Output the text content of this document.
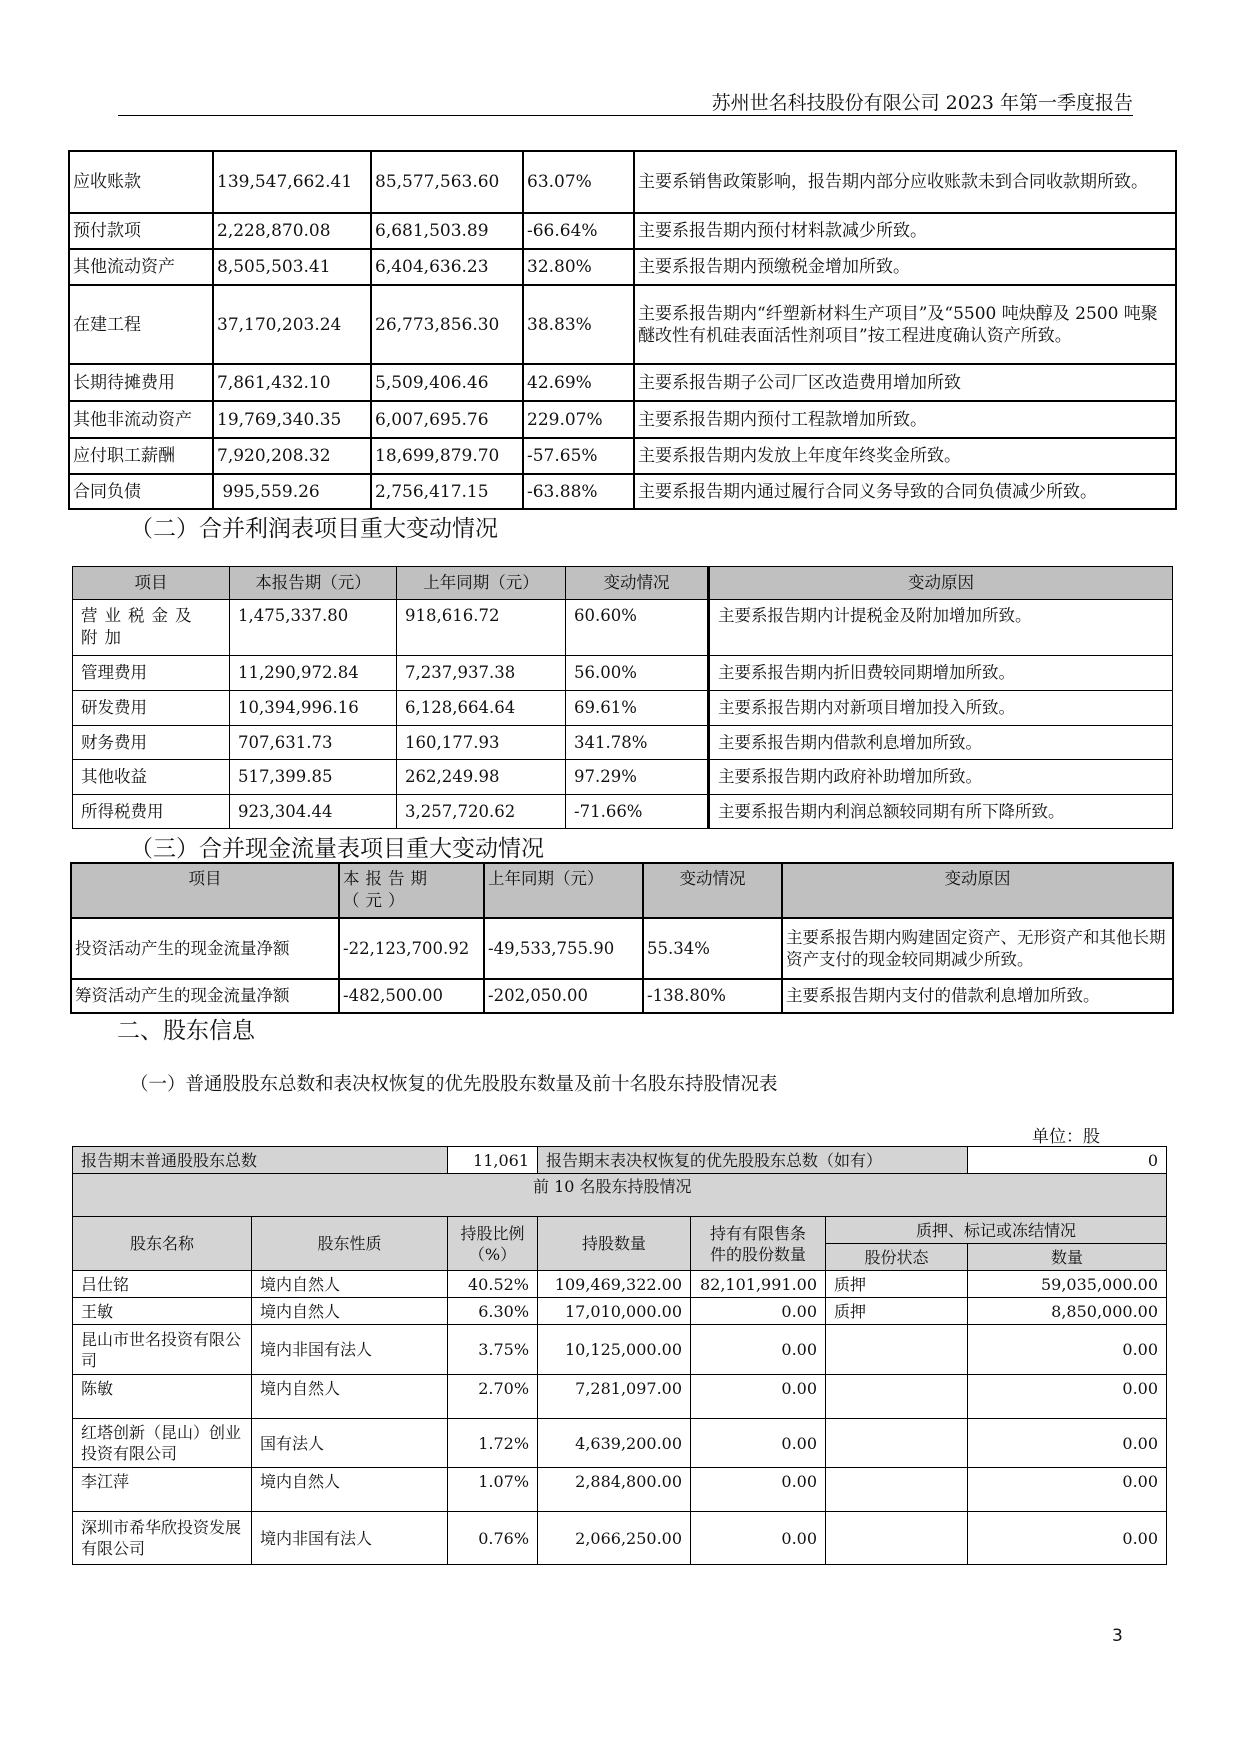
苏州世名科技股份有限公司 2023 年第一季度报告
应收账款	139,547,662.41	85,577,563.60	63.07%	主要系销售政策影响，报告期内部分应收账款未到合同收款期所致。
预付款项	2,228,870.08	6,681,503.89	-66.64%	主要系报告期内预付材料款减少所致。
其他流动资产	8,505,503.41	6,404,636.23	32.80%	主要系报告期内预缴税金增加所致。
在建工程	37,170,203.24	26,773,856.30	38.83%	主要系报告期内“纤塑新材料生产项目”及“5500 吨炔醇及 2500 吨聚醚改性有机硅表面活性剂项目”按工程进度确认资产所致。
长期待摊费用	7,861,432.10	5,509,406.46	42.69%	主要系报告期子公司厂区改造费用增加所致
其他非流动资产	19,769,340.35	6,007,695.76	229.07%	主要系报告期内预付工程款增加所致。
应付职工薪酬	7,920,208.32	18,699,879.70	-57.65%	主要系报告期内发放上年度年终奖金所致。
合同负债	995,559.26	2,756,417.15	-63.88%	主要系报告期内通过履行合同义务导致的合同负债减少所致。
（二）合并利润表项目重大变动情况
项目	本报告期（元）	上年同期（元）	变动情况	变动原因
营业税金及附加	1,475,337.80	918,616.72	60.60%	主要系报告期内计提税金及附加增加所致。
管理费用	11,290,972.84	7,237,937.38	56.00%	主要系报告期内折旧费较同期增加所致。
研发费用	10,394,996.16	6,128,664.64	69.61%	主要系报告期内对新项目增加投入所致。
财务费用	707,631.73	160,177.93	341.78%	主要系报告期内借款利息增加所致。
其他收益	517,399.85	262,249.98	97.29%	主要系报告期内政府补助增加所致。
所得税费用	923,304.44	3,257,720.62	-71.66%	主要系报告期内利润总额较同期有所下降所致。
（三）合并现金流量表项目重大变动情况
项目	本报告期（元）	上年同期（元）	变动情况	变动原因
投资活动产生的现金流量净额	-22,123,700.92	-49,533,755.90	55.34%	主要系报告期内购建固定资产、无形资产和其他长期资产支付的现金较同期减少所致。
筹资活动产生的现金流量净额	-482,500.00	-202,050.00	-138.80%	主要系报告期内支付的借款利息增加所致。
二、股东信息
（一）普通股股东总数和表决权恢复的优先股股东数量及前十名股东持股情况表
单位：股
报告期末普通股股东总数		11,061	报告期末表决权恢复的优先股股东总数（如有）			0
前 10 名股东持股情况						
股东名称	股东性质	持股比例（%）	持股数量	持有有限售条件的股份数量	质押、标记或冻结情况	
					股份状态	数量
吕仕铭	境内自然人	40.52%	109,469,322.00	82,101,991.00	质押	59,035,000.00
王敏	境内自然人	6.30%	17,010,000.00	0.00	质押	8,850,000.00
昆山市世名投资有限公司	境内非国有法人	3.75%	10,125,000.00	0.00		0.00
陈敏	境内自然人	2.70%	7,281,097.00	0.00		0.00
红塔创新（昆山）创业投资有限公司	国有法人	1.72%	4,639,200.00	0.00		0.00
李江萍	境内自然人	1.07%	2,884,800.00	0.00		0.00
深圳市希华欣投资发展有限公司	境内非国有法人	0.76%	2,066,250.00	0.00		0.00
3
